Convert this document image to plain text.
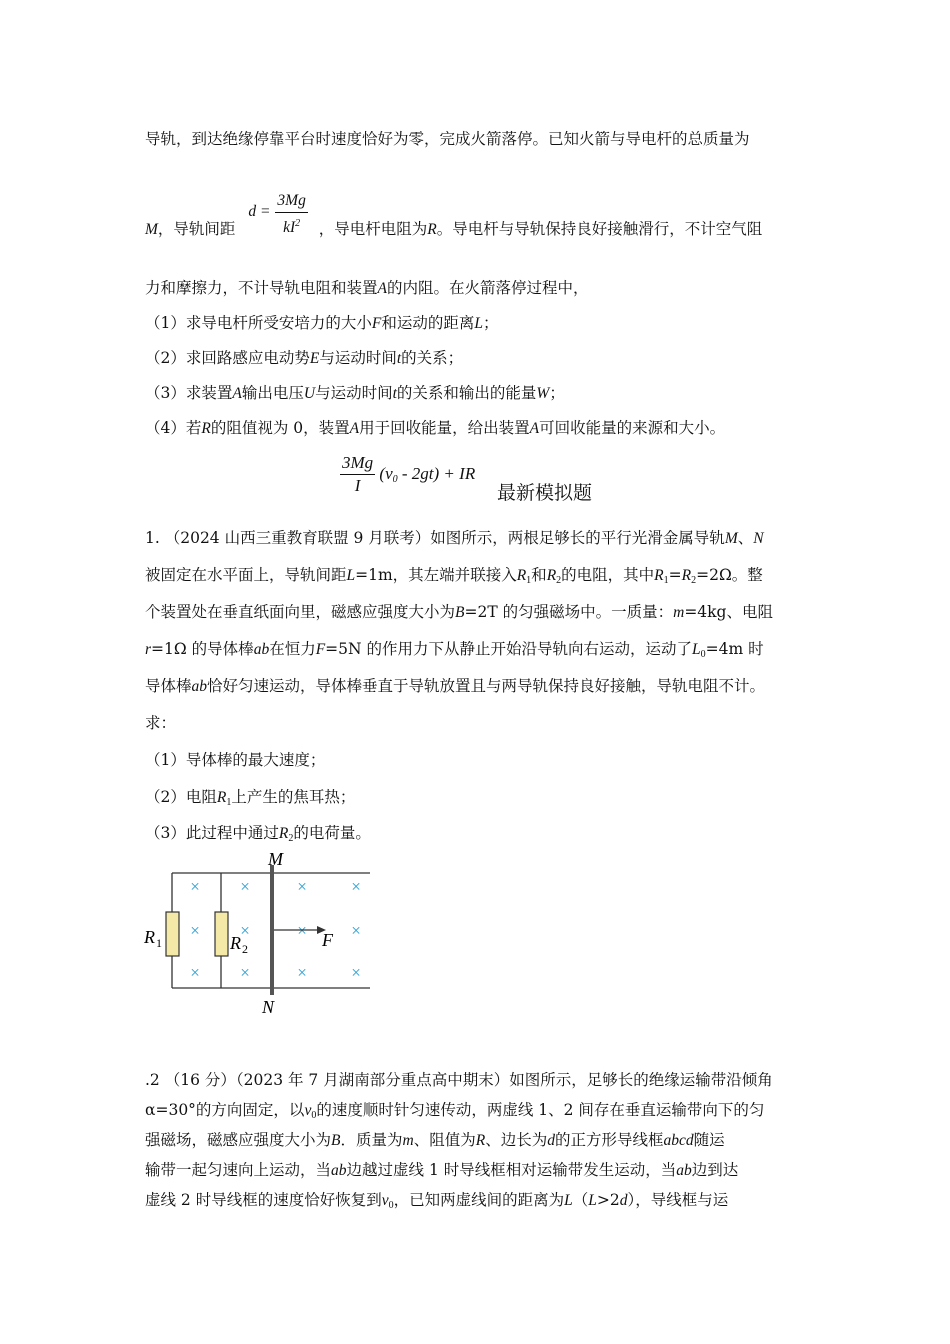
导轨，到达绝缘停靠平台时速度恰好为零，完成火箭落停。已知火箭与导电杆的总质量为
M，导轨间距 $d = \frac{3Mg}{kI^2}$ ，导电杆电阻为R。导电杆与导轨保持良好接触滑行，不计空气阻
力和摩擦力，不计导轨电阻和装置A的内阻。在火箭落停过程中，
（1）求导电杆所受安培力的大小F和运动的距离L；
（2）求回路感应电动势E与运动时间t的关系；
（3）求装置A输出电压U与运动时间t的关系和输出的能量W；
（4）若R的阻值视为 0，装置A用于回收能量，给出装置A可回收能量的来源和大小。
$\frac{3Mg}{I} (v_0 - 2gt)$ + IR
最新模拟题
1. （2024 山西三重教育联盟 9 月联考）如图所示，两根足够长的平行光滑金属导轨M、N
被固定在水平面上，导轨间距L=1m，其左端并联接入$R_1$和$R_2$的电阻，其中$R_1=R_2=2\Omega$。整
个装置处在垂直纸面向里，磁感应强度大小为B=2T 的匀强磁场中。一质量：m=4kg、电阻
r=1Ω 的导体棒ab在恒力F=5N 的作用力下从静止开始沿导轨向右运动，运动了$L_0=4m$ 时
导体棒ab恰好匀速运动，导体棒垂直于导轨放置且与两导轨保持良好接触，导轨电阻不计。
求：
（1）导体棒的最大速度；
（2）电阻$R_1$上产生的焦耳热；
（3）此过程中通过$R_2$的电荷量。
× ×	×	×
× ×	×	×
× ×	×	×
M
N
R 1	R 2	F
.2 （16 分）（2023 年 7 月湖南部分重点高中期末）如图所示，足够长的绝缘运输带沿倾角
α=30°的方向固定，以$v_0$的速度顺时针匀速传动，两虚线 1、2 间存在垂直运输带向下的匀
强磁场，磁感应强度大小为B．质量为m、阻值为R、边长为d的正方形导线框abcd随运
输带一起匀速向上运动，当ab边越过虚线 1 时导线框相对运输带发生运动，当ab边到达
虚线 2 时导线框的速度恰好恢复到$v_0$，已知两虚线间的距离为L（L>2d），导线框与运
